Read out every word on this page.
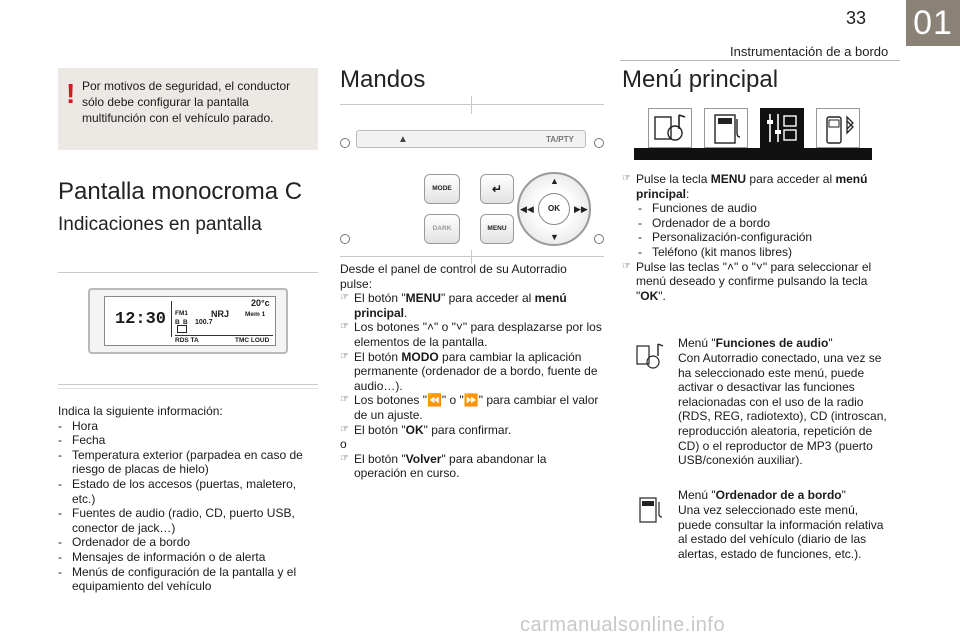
33 01
Instrumentación de a bordo
! Por motivos de seguridad, el conductor sólo debe configurar la pantalla multifunción con el vehículo parado.
Pantalla monocroma C
Indicaciones en pantalla
12:30 FM1	NRJ Mem 1
20°c
B B 100.7
RDS TA	TMC LOUD
Indica la siguiente información:
- Hora
- Fecha
- Temperatura exterior (parpadea en caso de riesgo de placas de hielo)
- Estado de los accesos (puertas, maletero, etc.)
- Fuentes de audio (radio, CD, puerto USB, conector de jack…)
- Ordenador de a bordo
- Mensajes de información o de alerta
- Menús de configuración de la pantalla y el equipamiento del vehículo
Mandos
▲	TA/PTY
MODE
DARK
↵
MENU
OK
▲
▼
◀◀	▶▶
Desde el panel de control de su Autorradio pulse:
☞ El botón "MENU" para acceder al menú principal.
☞ Los botones "˄" o "˅" para desplazarse por los elementos de la pantalla.
☞ El botón MODO para cambiar la aplicación permanente (ordenador de a bordo, fuente de audio…).
☞ Los botones "⏪" o "⏩" para cambiar el valor de un ajuste.
☞ El botón "OK" para confirmar.
o
☞ El botón "Volver" para abandonar la operación en curso.
Menú principal
☞ Pulse la tecla MENU para acceder al menú principal:
- Funciones de audio
- Ordenador de a bordo
- Personalización-configuración
- Teléfono (kit manos libres)
☞ Pulse las teclas "˄" o "˅" para seleccionar el menú deseado y confirme pulsando la tecla "OK".
Menú "Funciones de audio"
Con Autorradio conectado, una vez se ha seleccionado este menú, puede activar o desactivar las funciones relacionadas con el uso de la radio (RDS, REG, radiotexto), CD (introscan, reproducción aleatoria, repetición de CD) o el reproductor de MP3 (puerto USB/conexión auxiliar).
Menú "Ordenador de a bordo"
Una vez seleccionado este menú, puede consultar la información relativa al estado del vehículo (diario de las alertas, estado de funciones, etc.).
carmanualsonline.info
